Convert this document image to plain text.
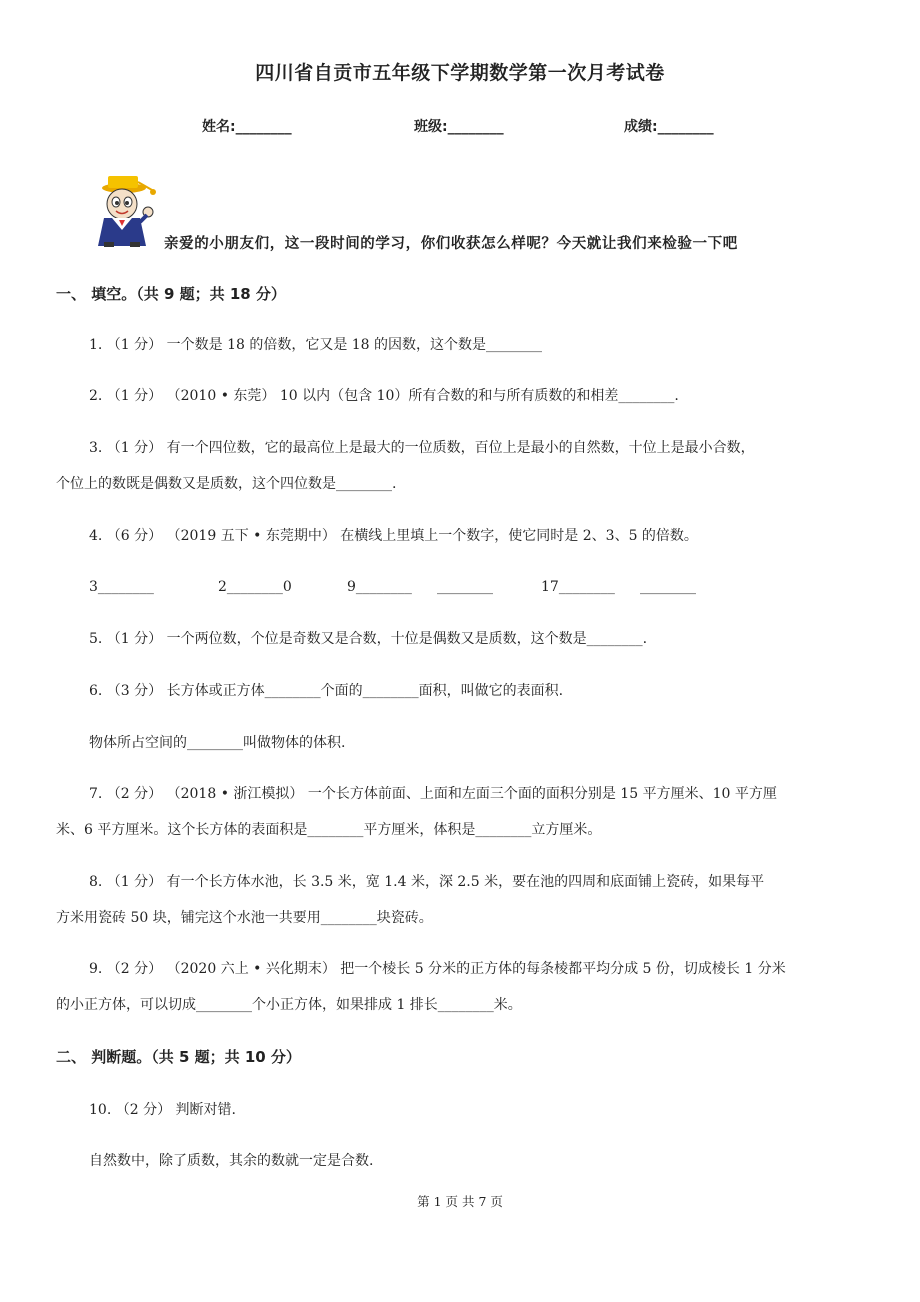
四川省自贡市五年级下学期数学第一次月考试卷
姓名:________	班级:________	成绩:________
亲爱的小朋友们，这一段时间的学习，你们收获怎么样呢？今天就让我们来检验一下吧
一、 填空。（共 9 题；共 18 分）
1. （1 分） 一个数是 18 的倍数，它又是 18 的因数，这个数是________
2. （1 分） （2010 • 东莞） 10 以内（包含 10）所有合数的和与所有质数的和相差________.
3. （1 分） 有一个四位数，它的最高位上是最大的一位质数，百位上是最小的自然数，十位上是最小合数，
个位上的数既是偶数又是质数，这个四位数是________.
4. （6 分） （2019 五下 • 东莞期中） 在横线上里填上一个数字，使它同时是 2、3、5 的倍数。
3________	2________0	9________ ________	17________ ________
5. （1 分） 一个两位数，个位是奇数又是合数，十位是偶数又是质数，这个数是________.
6. （3 分） 长方体或正方体________个面的________面积，叫做它的表面积.
物体所占空间的________叫做物体的体积.
7. （2 分） （2018 • 浙江模拟） 一个长方体前面、上面和左面三个面的面积分别是 15 平方厘米、10 平方厘
米、6 平方厘米。这个长方体的表面积是________平方厘米，体积是________立方厘米。
8. （1 分） 有一个长方体水池，长 3.5 米，宽 1.4 米，深 2.5 米，要在池的四周和底面铺上瓷砖，如果每平
方米用瓷砖 50 块，铺完这个水池一共要用________块瓷砖。
9. （2 分） （2020 六上 • 兴化期末） 把一个棱长 5 分米的正方体的每条棱都平均分成 5 份，切成棱长 1 分米
的小正方体，可以切成________个小正方体，如果排成 1 排长________米。
二、 判断题。（共 5 题；共 10 分）
10. （2 分） 判断对错.
自然数中，除了质数，其余的数就一定是合数.
第 1 页 共 7 页
